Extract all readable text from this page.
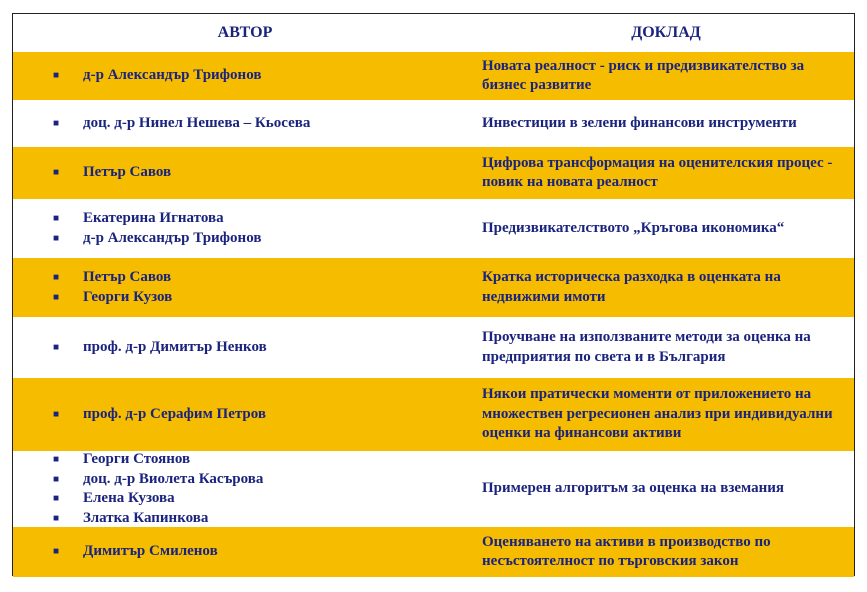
АВТОР	ДОКЛАД
■ д-р Александър Трифонов
Новата реалност - риск и предизвикателство за бизнес развитие
■ доц. д-р Нинел Нешева – Кьосева	Инвестиции в зелени финансови инструменти
■ Петър Савов
Цифрова трансформация на оценителския процес - повик на новата реалност
■ Екатерина Игнатова
■ д-р Александър Трифонов
Предизвикателството „Кръгова икономика“
■ Петър Савов
■ Георги Кузов
Кратка историческа разходка в оценката на недвижими имоти
■ проф. д-р Димитър Ненков
Проучване на използваните методи за оценка на предприятия по света и в България
■ проф. д-р Серафим Петров
Някои пратически моменти от приложението на множествен регресионен анализ при индивидуални оценки на финансови активи
■ Георги Стоянов
■ доц. д-р Виолета Касърова
■ Елена Кузова
■ Златка Капинкова
Примерен алгоритъм за оценка на вземания
■ Димитър Смиленов
Оценяването на активи в производство по несъстоятелност по търговския закон
